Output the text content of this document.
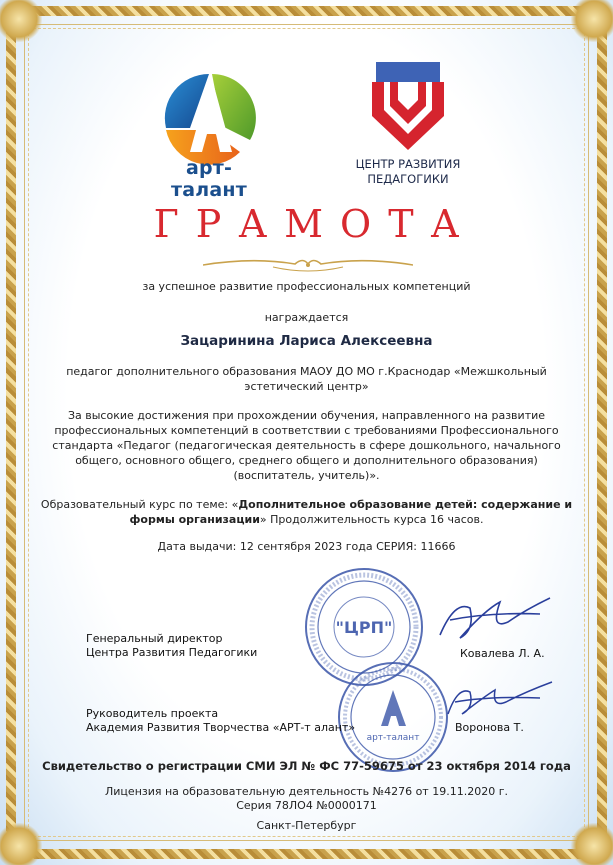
арт-талант
ЦЕНТР РАЗВИТИЯ
ПЕДАГОГИКИ
ГРАМОТА
за успешное развитие профессиональных компетенций
награждается
Зацаринина Лариса Алексеевна
педагог дополнительного образования МАОУ ДО МО г.Краснодар «Межшкольный
эстетический центр»
За высокие достижения при прохождении обучения, направленного на развитие
профессиональных компетенций в соответствии с требованиями Профессионального
стандарта «Педагог (педагогическая деятельность в сфере дошкольного, начального
общего, основного общего, среднего общего и дополнительного образования)
(воспитатель, учитель)».
Образовательный курс по теме: «Дополнительное образование детей: содержание и
формы организации» Продолжительность курса 16 часов.
Дата выдачи: 12 сентября 2023 года СЕРИЯ: 11666
"ЦРП"
арт-талант
Генеральный директор
Центра Развития Педагогики	Ковалева Л. А.
Руководитель проекта
Академия Развития Творчества «АРТ-т алант»	Воронова Т.
Свидетельство о регистрации СМИ ЭЛ № ФС 77-59675 от 23 октября 2014 года
Лицензия на образовательную деятельность №4276 от 19.11.2020 г.
Серия 78ЛО4 №0000171
Санкт-Петербург
